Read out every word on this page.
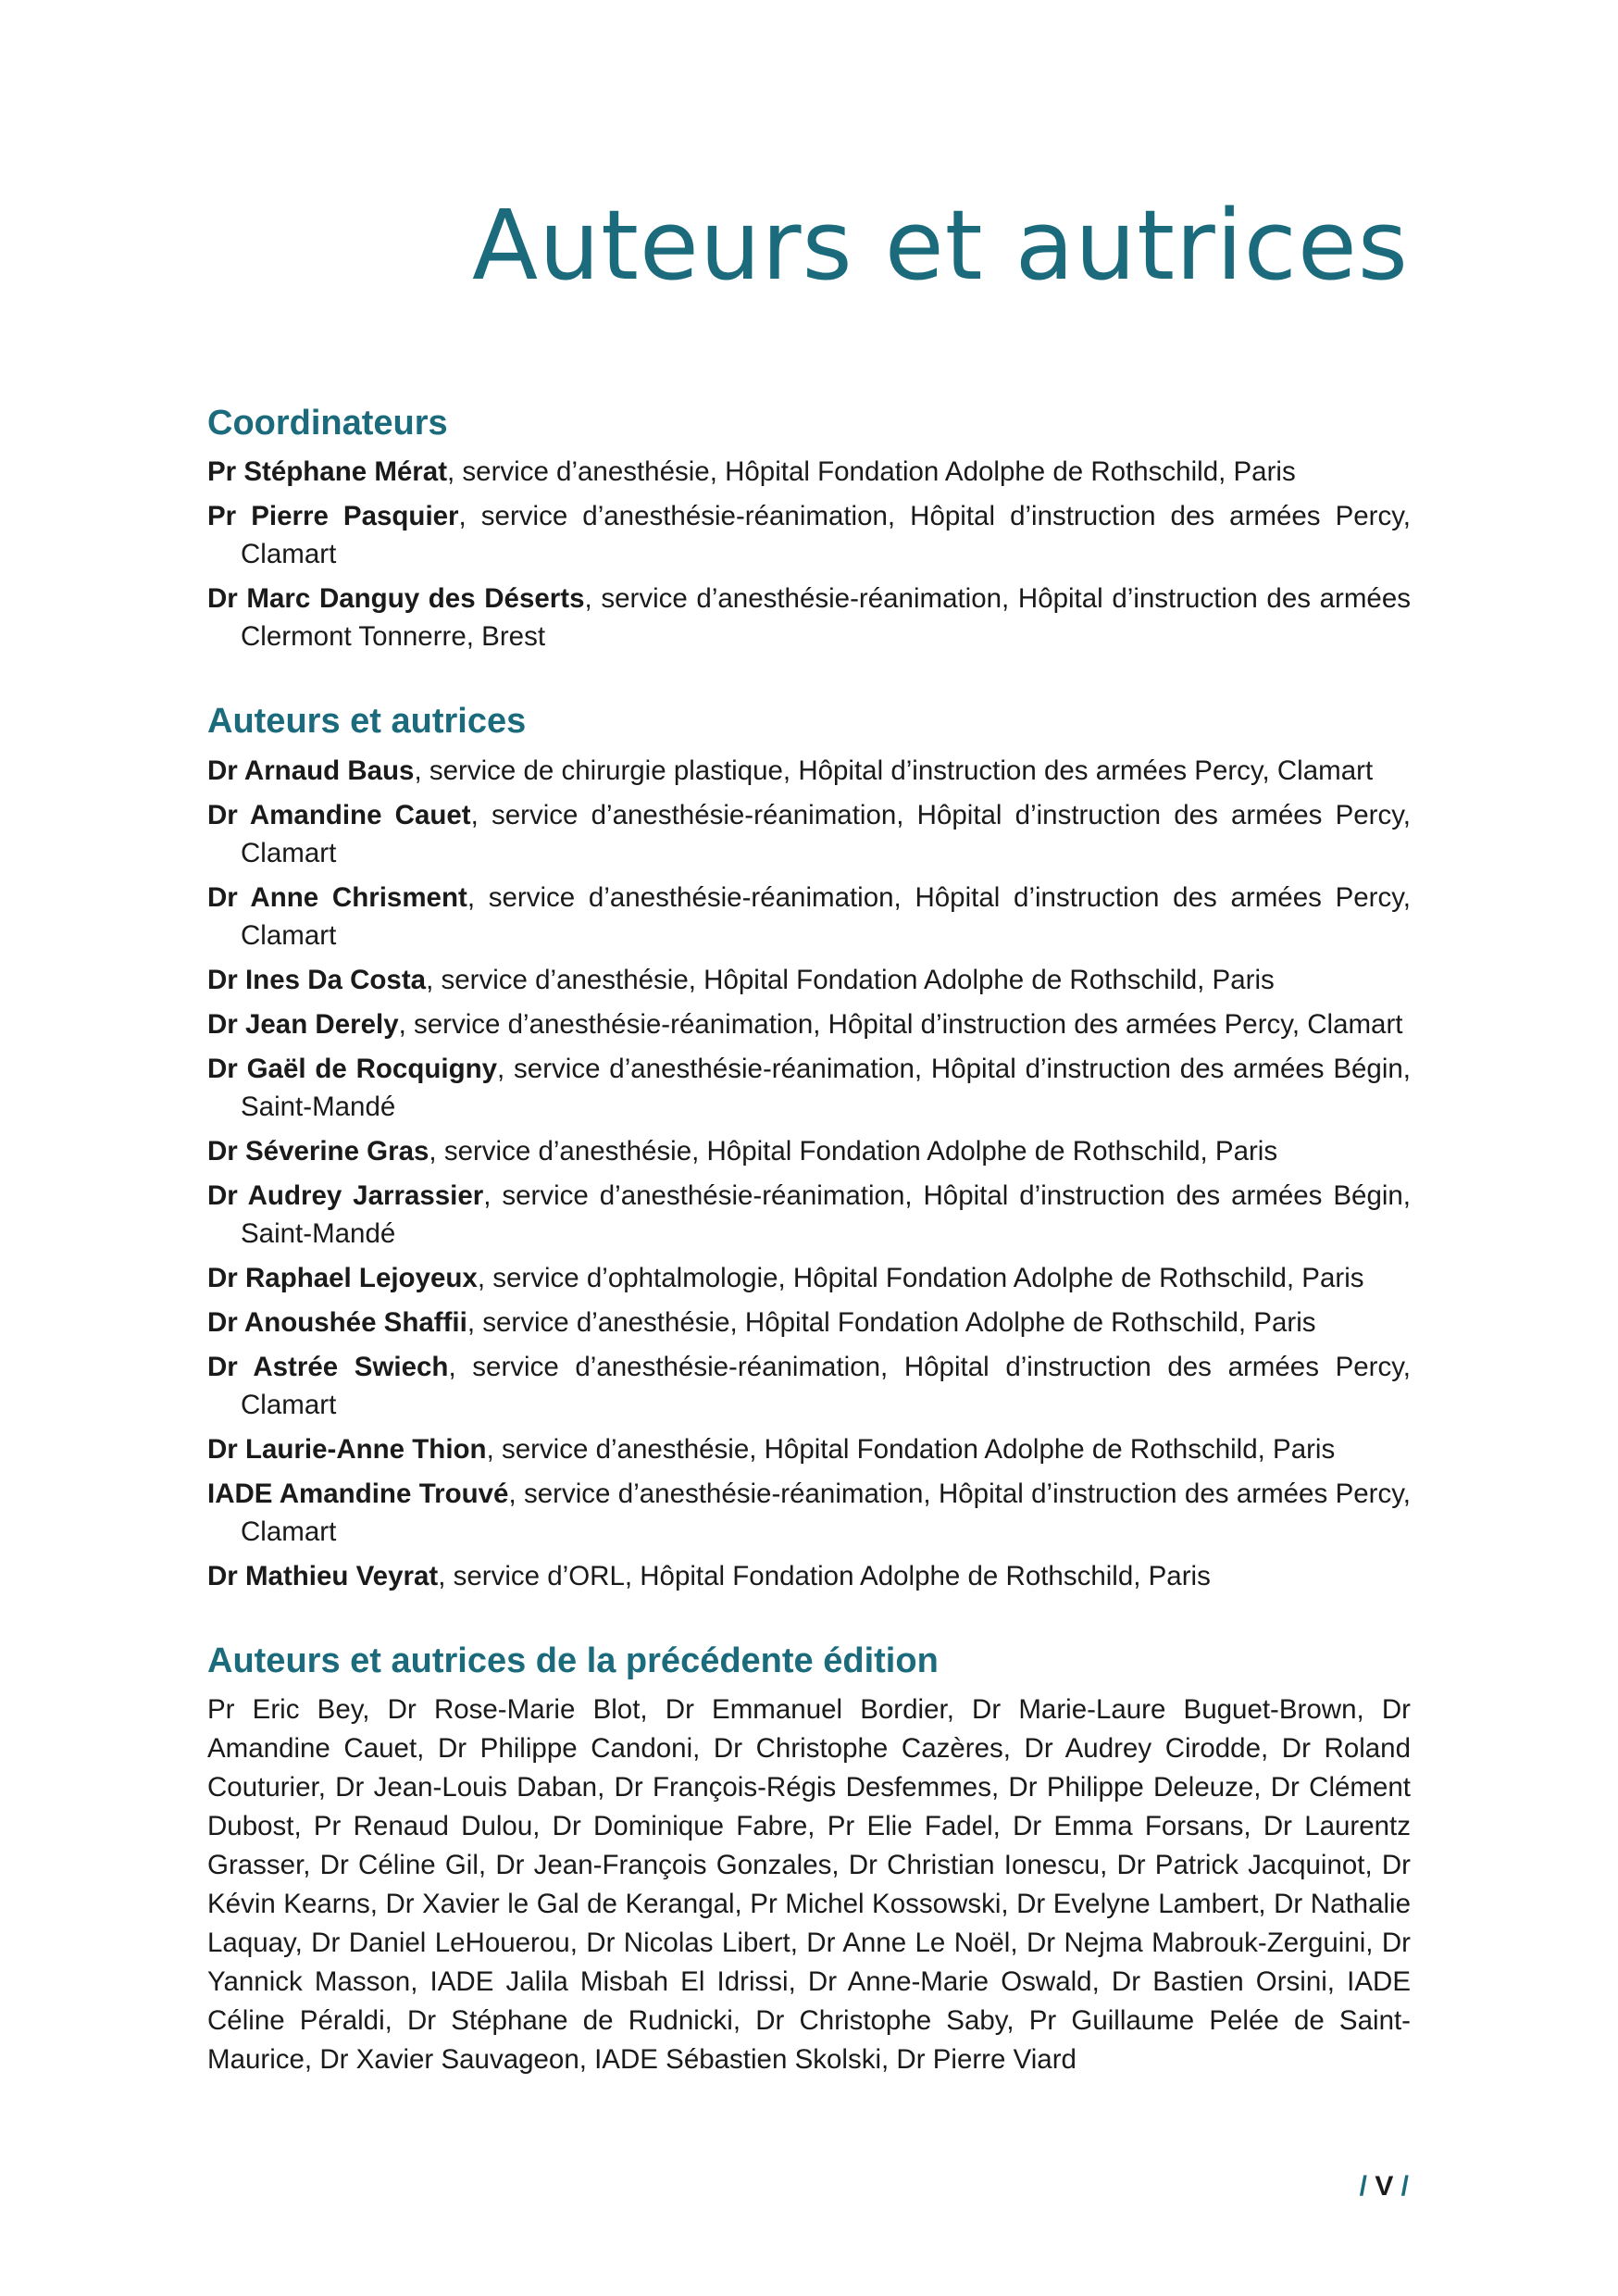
Auteurs et autrices
Coordinateurs

Pr Stéphane Mérat, service d’anesthésie, Hôpital Fondation Adolphe de Rothschild, Paris

Pr Pierre Pasquier, service d’anesthésie-réanimation, Hôpital d’instruction des armées Percy, Clamart

Dr Marc Danguy des Déserts, service d’anesthésie-réanimation, Hôpital d’instruction des armées Clermont Tonnerre, Brest

Auteurs et autrices

Dr Arnaud Baus, service de chirurgie plastique, Hôpital d’instruction des armées Percy, Clamart

Dr Amandine Cauet, service d’anesthésie-réanimation, Hôpital d’instruction des armées Percy, Clamart

Dr Anne Chrisment, service d’anesthésie-réanimation, Hôpital d’instruction des armées Percy, Clamart

Dr Ines Da Costa, service d’anesthésie, Hôpital Fondation Adolphe de Rothschild, Paris

Dr Jean Derely, service d’anesthésie-réanimation, Hôpital d’instruction des armées Percy, Clamart

Dr Gaël de Rocquigny, service d’anesthésie-réanimation, Hôpital d’instruction des armées Bégin, Saint-Mandé

Dr Séverine Gras, service d’anesthésie, Hôpital Fondation Adolphe de Rothschild, Paris

Dr Audrey Jarrassier, service d’anesthésie-réanimation, Hôpital d’instruction des armées Bégin, Saint-Mandé

Dr Raphael Lejoyeux, service d’ophtalmologie, Hôpital Fondation Adolphe de Rothschild, Paris

Dr Anoushée Shaffii, service d’anesthésie, Hôpital Fondation Adolphe de Rothschild, Paris

Dr Astrée Swiech, service d’anesthésie-réanimation, Hôpital d’instruction des armées Percy, Clamart

Dr Laurie-Anne Thion, service d’anesthésie, Hôpital Fondation Adolphe de Rothschild, Paris

IADE Amandine Trouvé, service d’anesthésie-réanimation, Hôpital d’instruction des armées Percy, Clamart

Dr Mathieu Veyrat, service d’ORL, Hôpital Fondation Adolphe de Rothschild, Paris

Auteurs et autrices de la précédente édition

Pr Eric Bey, Dr Rose-Marie Blot, Dr Emmanuel Bordier, Dr Marie-Laure Buguet-Brown, Dr Amandine Cauet, Dr Philippe Candoni, Dr Christophe Cazères, Dr Audrey Cirodde, Dr Roland Couturier, Dr Jean-Louis Daban, Dr François-Régis Desfemmes, Dr Philippe Deleuze, Dr Clément Dubost, Pr Renaud Dulou, Dr Dominique Fabre, Pr Elie Fadel, Dr Emma Forsans, Dr Laurentz Grasser, Dr Céline Gil, Dr Jean-François Gonzales, Dr Christian Ionescu, Dr Patrick Jacquinot, Dr Kévin Kearns, Dr Xavier le Gal de Kerangal, Pr Michel Kossowski, Dr Evelyne Lambert, Dr Nathalie Laquay, Dr Daniel LeHouerou, Dr Nicolas Libert, Dr Anne Le Noël, Dr Nejma Mabrouk-Zerguini, Dr Yannick Masson, IADE Jalila Misbah El Idrissi, Dr Anne-Marie Oswald, Dr Bastien Orsini, IADE Céline Péraldi, Dr Stéphane de Rudnicki, Dr Christophe Saby, Pr Guillaume Pelée de Saint-Maurice, Dr Xavier Sauvageon, IADE Sébastien Skolski, Dr Pierre Viard

/ V /
